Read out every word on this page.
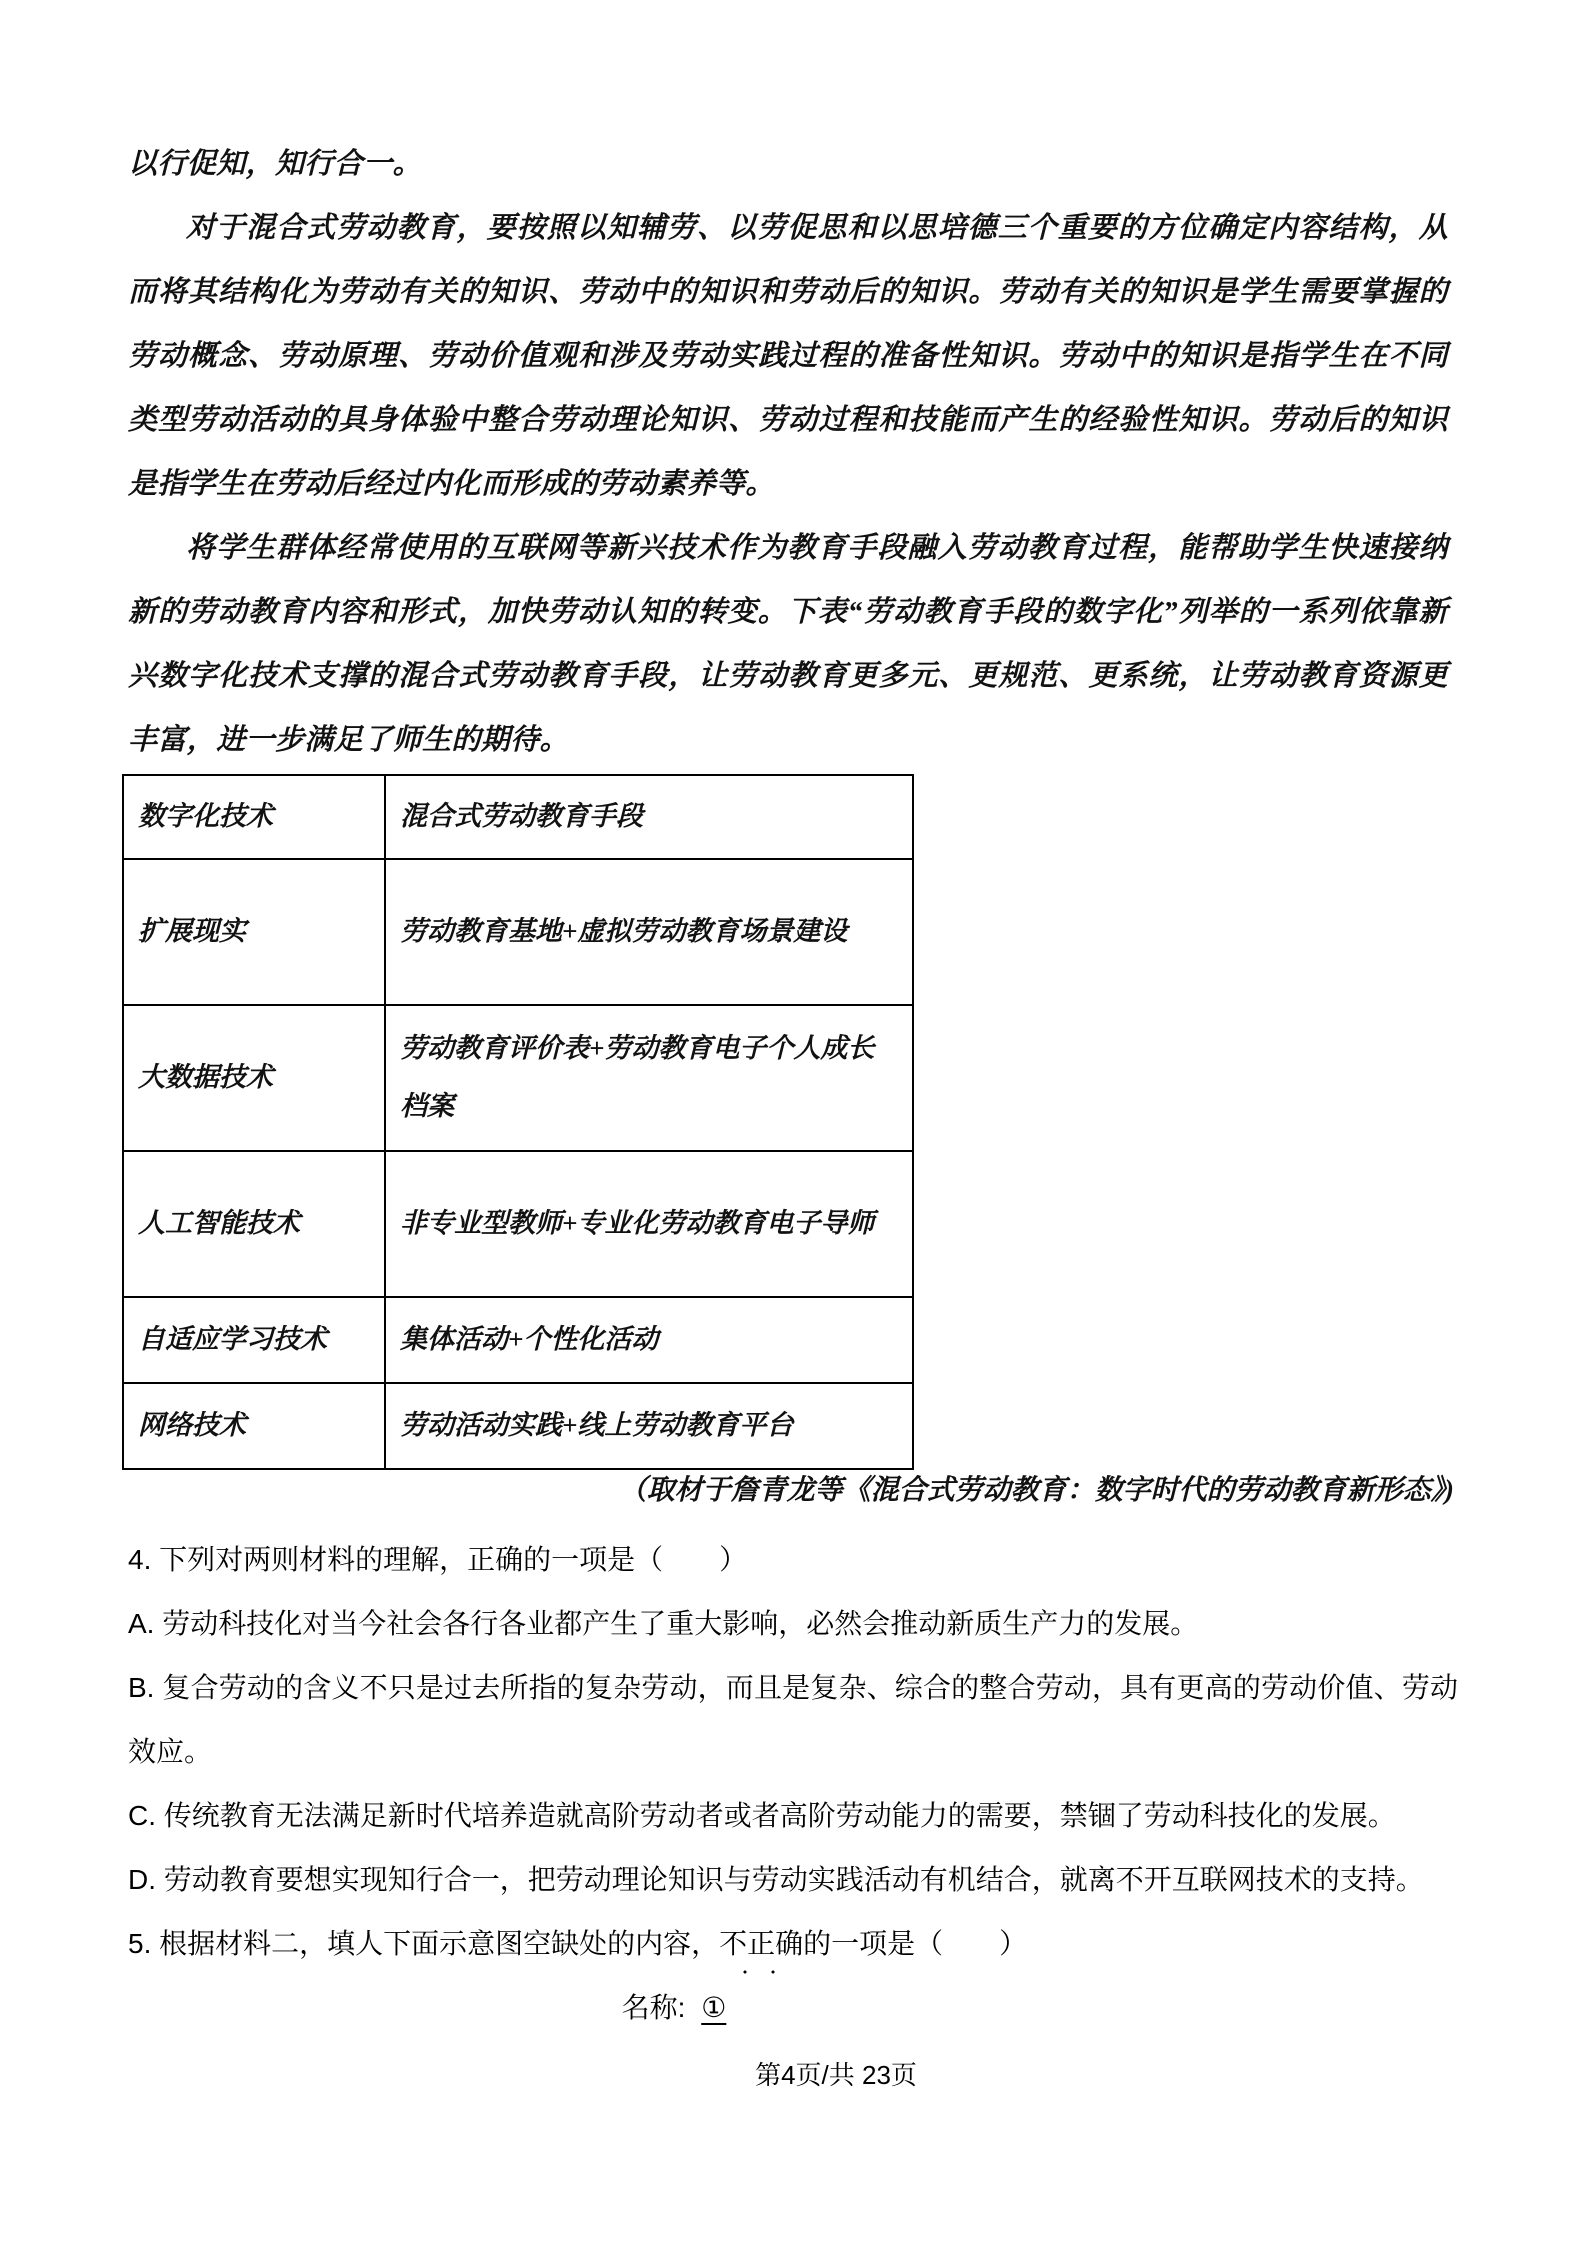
以行促知，知行合一。

对于混合式劳动教育，要按照以知辅劳、以劳促思和以思培德三个重要的方位确定内容结构，从而将其结构化为劳动有关的知识、劳动中的知识和劳动后的知识。劳动有关的知识是学生需要掌握的劳动概念、劳动原理、劳动价值观和涉及劳动实践过程的准备性知识。劳动中的知识是指学生在不同类型劳动活动的具身体验中整合劳动理论知识、劳动过程和技能而产生的经验性知识。劳动后的知识是指学生在劳动后经过内化而形成的劳动素养等。

将学生群体经常使用的互联网等新兴技术作为教育手段融入劳动教育过程，能帮助学生快速接纳新的劳动教育内容和形式，加快劳动认知的转变。下表“劳动教育手段的数字化”列举的一系列依靠新兴数字化技术支撑的混合式劳动教育手段，让劳动教育更多元、更规范、更系统，让劳动教育资源更丰富，进一步满足了师生的期待。

数字化技术	混合式劳动教育手段
扩展现实	劳动教育基地+虚拟劳动教育场景建设
大数据技术	劳动教育评价表+劳动教育电子个人成长档案
人工智能技术	非专业型教师+专业化劳动教育电子导师
自适应学习技术	集体活动+个性化活动
网络技术	劳动活动实践+线上劳动教育平台
（取材于詹青龙等《混合式劳动教育：数字时代的劳动教育新形态》)

4. 下列对两则材料的理解，正确的一项是（　　）

A. 劳动科技化对当今社会各行各业都产生了重大影响，必然会推动新质生产力的发展。

B. 复合劳动的含义不只是过去所指的复杂劳动，而且是复杂、综合的整合劳动，具有更高的劳动价值、劳动效应。

C. 传统教育无法满足新时代培养造就高阶劳动者或者高阶劳动能力的需要，禁锢了劳动科技化的发展。

D. 劳动教育要想实现知行合一，把劳动理论知识与劳动实践活动有机结合，就离不开互联网技术的支持。

5. 根据材料二，填人下面示意图空缺处的内容，不正确的一项是（　　）

名称: ①
第4页/共 23页
